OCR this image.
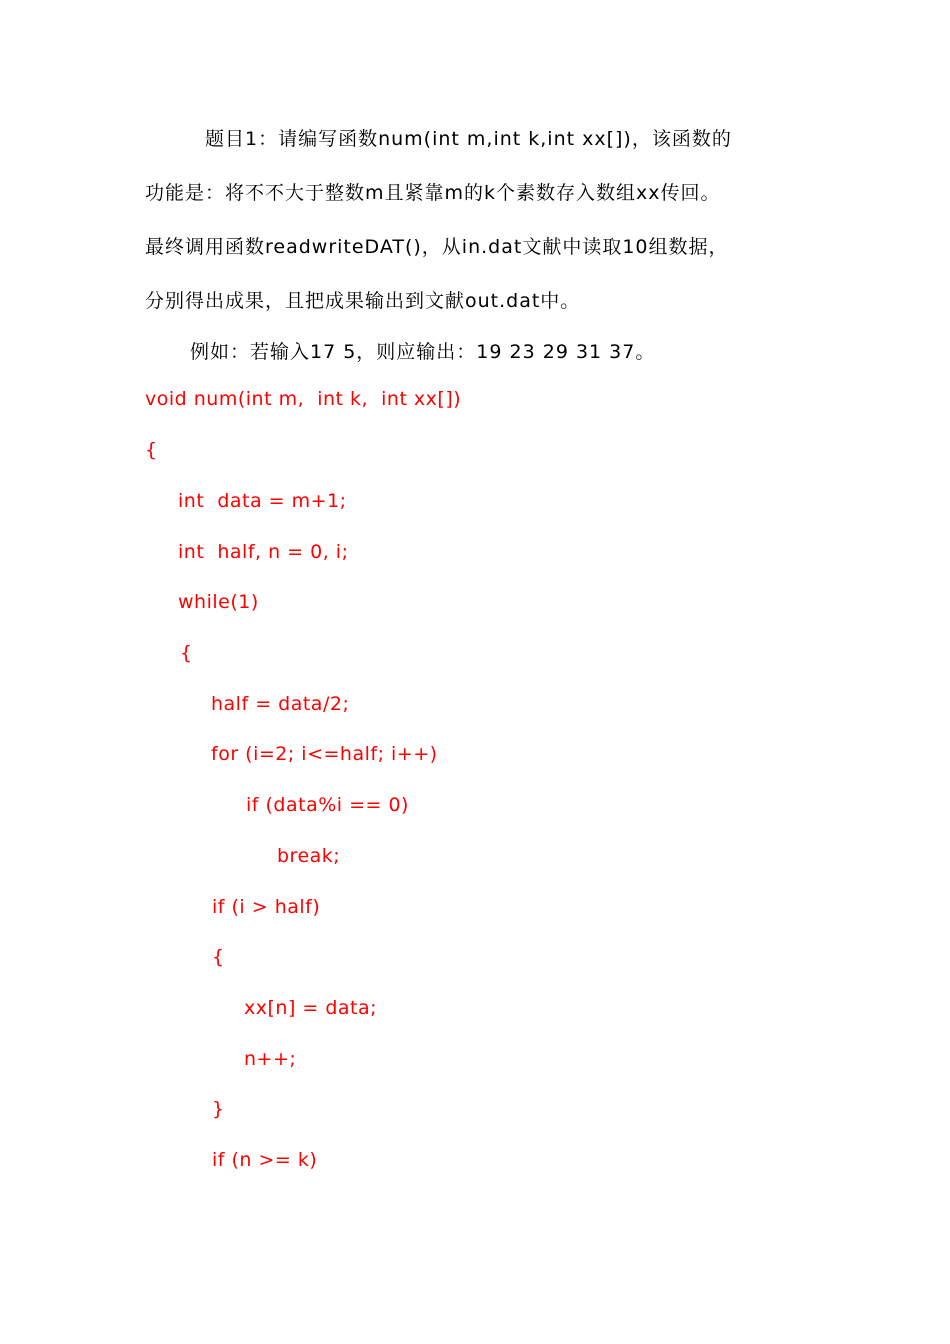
题目1：请编写函数num(int m,int k,int xx[])，该函数的
功能是：将不不大于整数m且紧靠m的k个素数存入数组xx传回。
最终调用函数readwriteDAT()，从in.dat文献中读取10组数据，
分别得出成果，且把成果输出到文献out.dat中。
例如：若输入17 5，则应输出：19 23 29 31 37。
void num(int m,  int k,  int xx[])
{
int  data = m+1;
int  half, n = 0, i;
while(1)
{
half = data/2;
for (i=2; i<=half; i++)
if (data%i == 0)
break;
if (i > half)
{
xx[n] = data;
n++;
}
if (n >= k)
